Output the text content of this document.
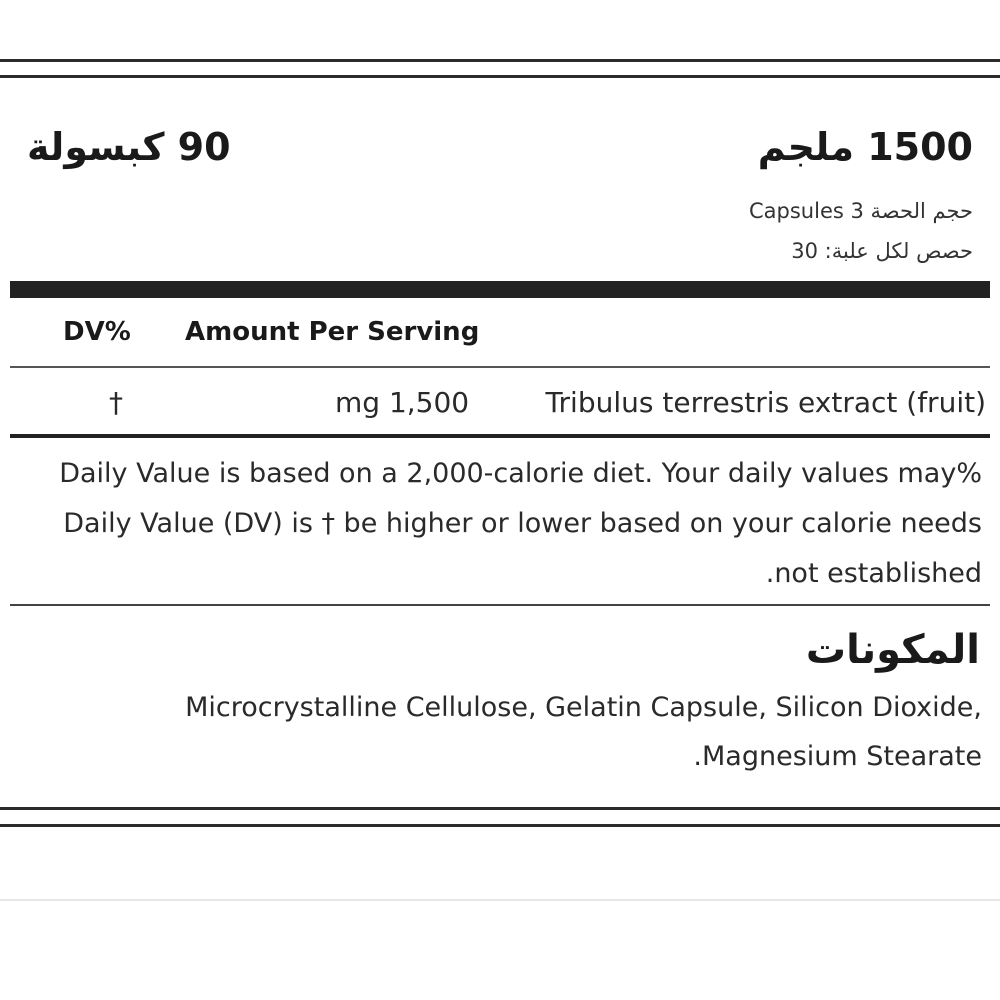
90 كبسولة	1500 ملجم
حجم الحصة 3 Capsules
حصص لكل علبة: 30
DV% Amount Per Serving
†	mg 1,500	Tribulus terrestris extract (fruit)
Daily Value is based on a 2,000-calorie diet. Your daily values may%
Daily Value (DV) is † be higher or lower based on your calorie needs
.not established
المكونات
Microcrystalline Cellulose, Gelatin Capsule, Silicon Dioxide,
.Magnesium Stearate
